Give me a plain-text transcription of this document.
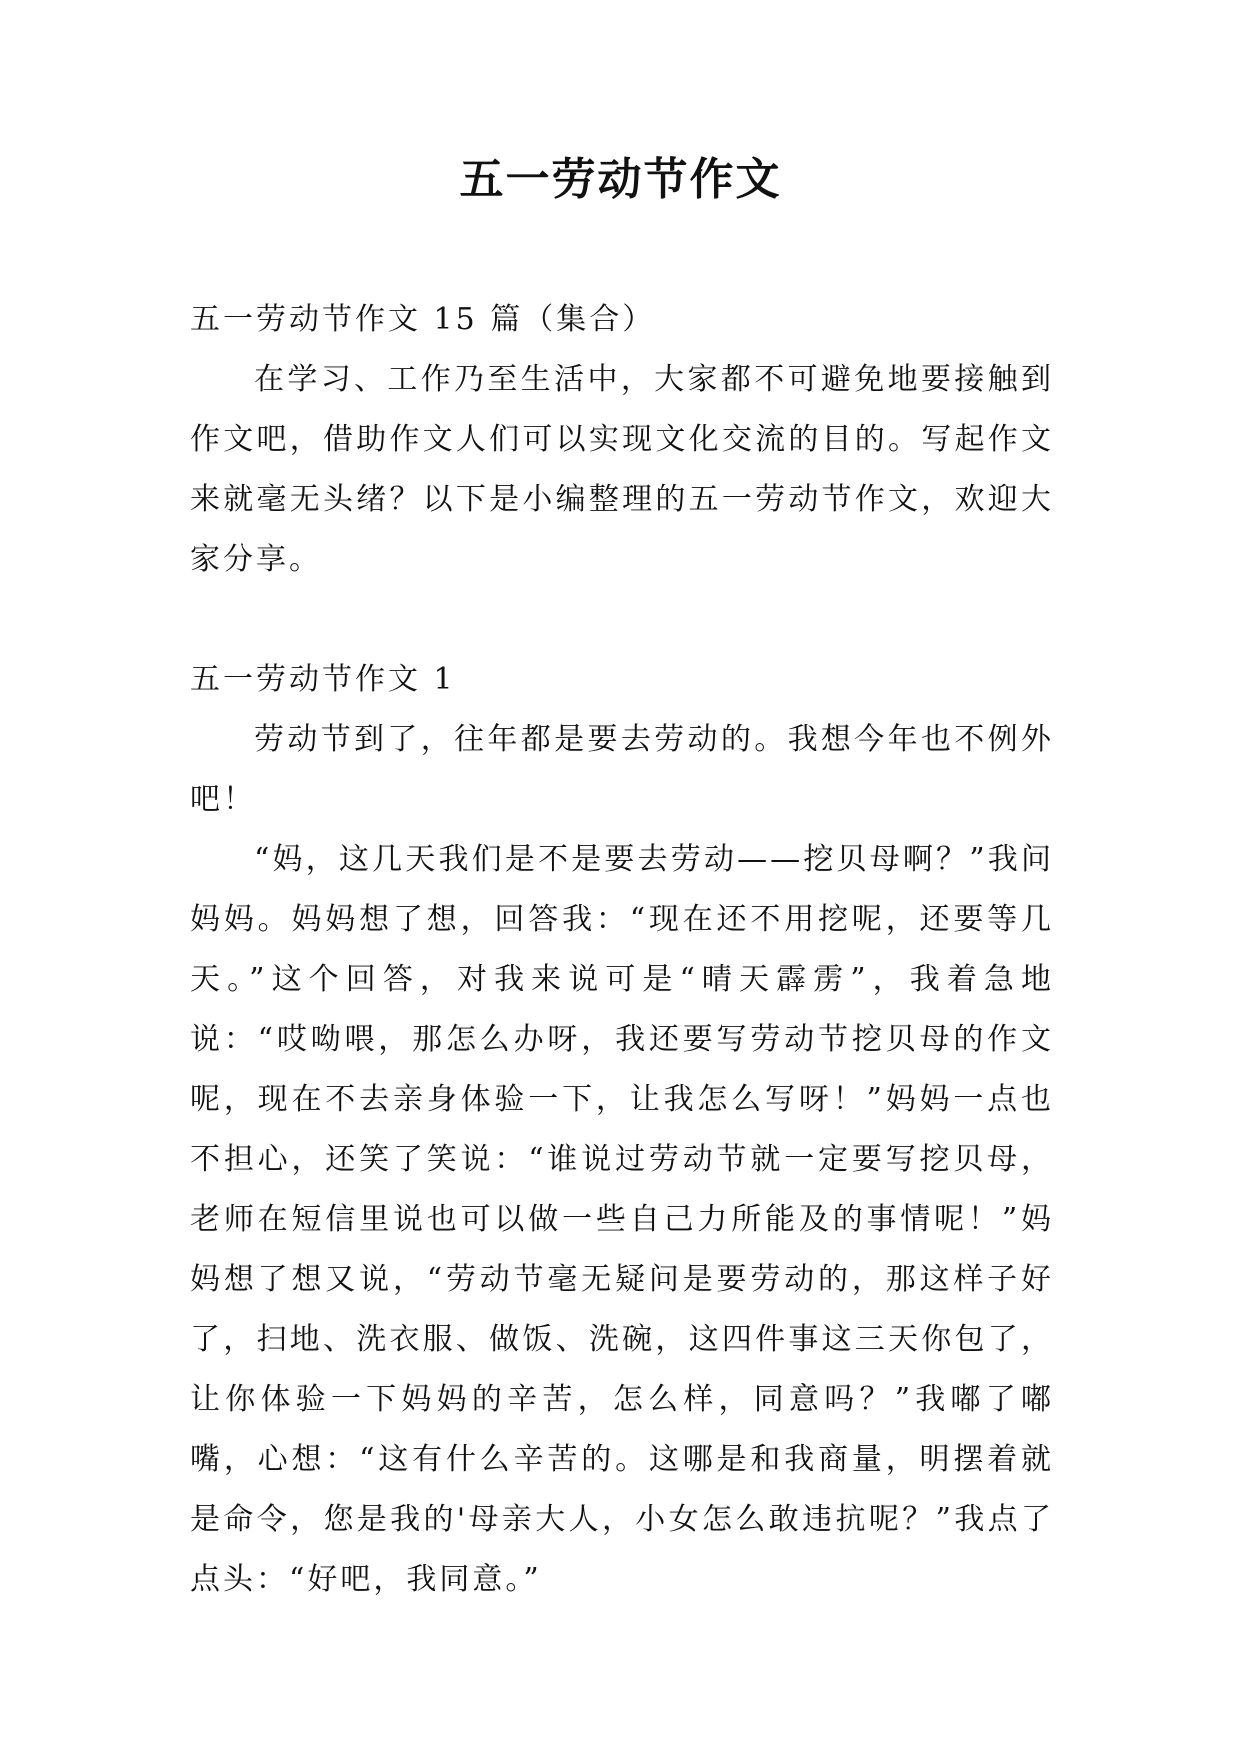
五一劳动节作文

五一劳动节作文 15 篇（集合）

在学习、工作乃至生活中，大家都不可避免地要接触到作文吧，借助作文人们可以实现文化交流的目的。写起作文来就毫无头绪？以下是小编整理的五一劳动节作文，欢迎大家分享。

五一劳动节作文 1

劳动节到了，往年都是要去劳动的。我想今年也不例外吧！

“妈，这几天我们是不是要去劳动——挖贝母啊？”我问妈妈。妈妈想了想，回答我：“现在还不用挖呢，还要等几天。”这个回答，对我来说可是“晴天霹雳”，我着急地说：“哎呦喂，那怎么办呀，我还要写劳动节挖贝母的作文呢，现在不去亲身体验一下，让我怎么写呀！”妈妈一点也不担心，还笑了笑说：“谁说过劳动节就一定要写挖贝母，老师在短信里说也可以做一些自己力所能及的事情呢！”妈妈想了想又说，“劳动节毫无疑问是要劳动的，那这样子好了，扫地、洗衣服、做饭、洗碗，这四件事这三天你包了，让你体验一下妈妈的辛苦，怎么样，同意吗？”我嘟了嘟嘴，心想：“这有什么辛苦的。这哪是和我商量，明摆着就是命令，您是我的'母亲大人，小女怎么敢违抗呢？”我点了点头：“好吧，我同意。”
